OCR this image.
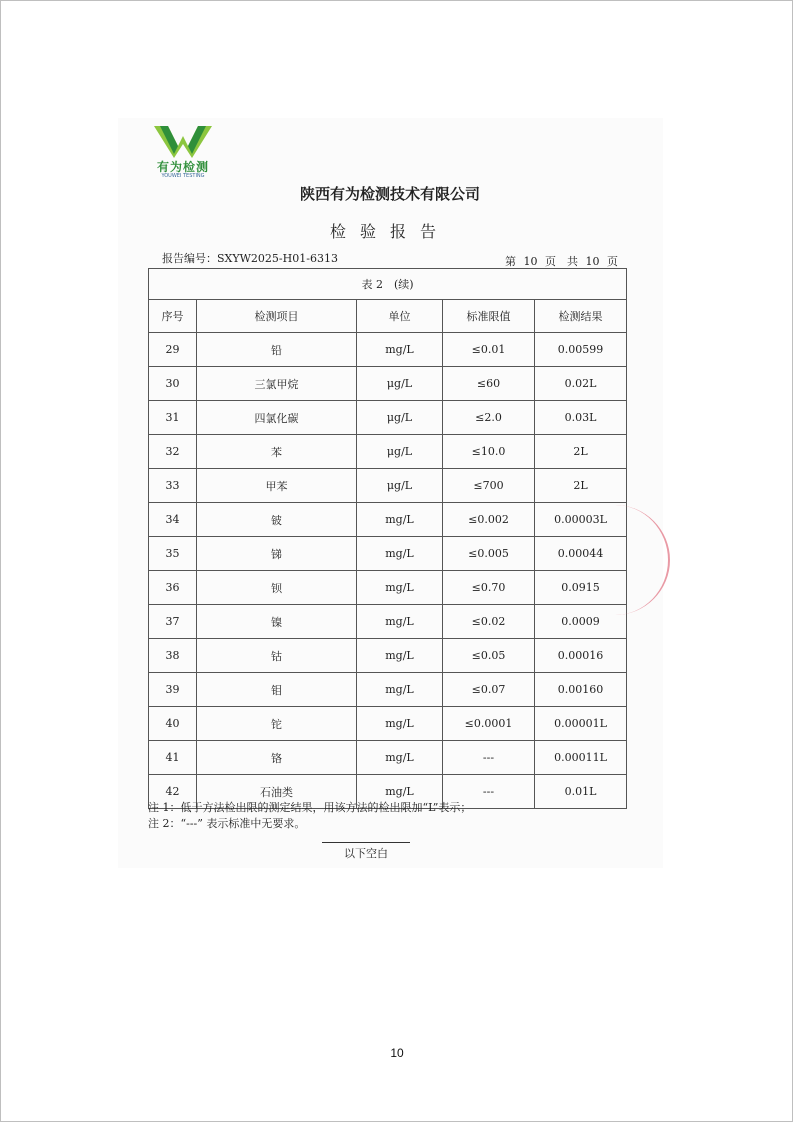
有为检测
YOUWEI TESTING
陕西有为检测技术有限公司
检验报告
报告编号：SXYW2025-H01-6313	第 10 页　共 10 页
表 2　(续)				
序号	检测项目	单位	标准限值	检测结果
29	铅	mg/L	≤0.01	0.00599
30	三氯甲烷	μg/L	≤60	0.02L
31	四氯化碳	μg/L	≤2.0	0.03L
32	苯	μg/L	≤10.0	2L
33	甲苯	μg/L	≤700	2L
34	铍	mg/L	≤0.002	0.00003L
35	锑	mg/L	≤0.005	0.00044
36	钡	mg/L	≤0.70	0.0915
37	镍	mg/L	≤0.02	0.0009
38	钴	mg/L	≤0.05	0.00016
39	钼	mg/L	≤0.07	0.00160
40	铊	mg/L	≤0.0001	0.00001L
41	铬	mg/L	---	0.00011L
42	石油类	mg/L	---	0.01L
注 1：低于方法检出限的测定结果，用该方法的检出限加“L”表示；
注 2：“---” 表示标准中无要求。
以下空白
10
